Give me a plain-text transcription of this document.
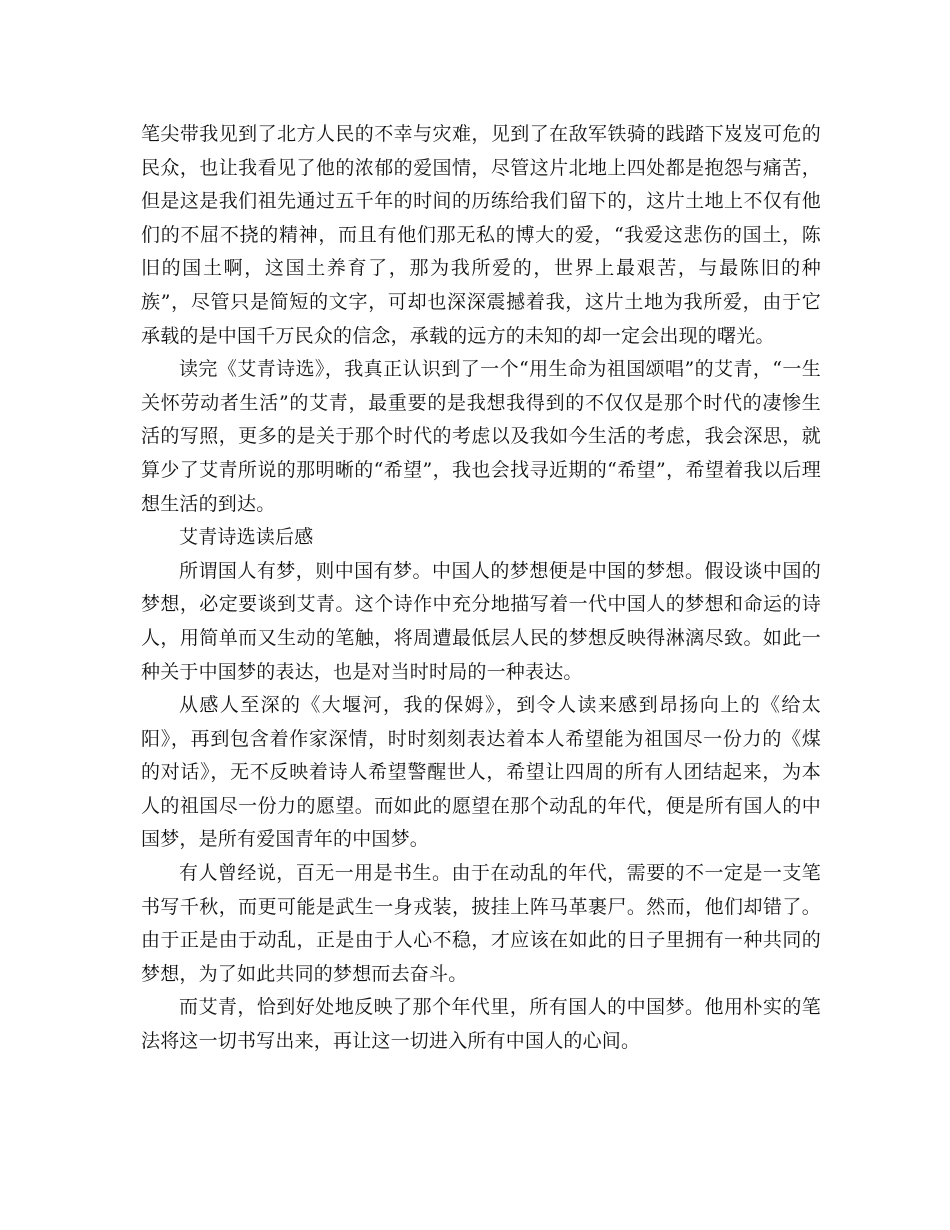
笔尖带我见到了北方人民的不幸与灾难，见到了在敌军铁骑的践踏下岌岌可危的民众，也让我看见了他的浓郁的爱国情，尽管这片北地上四处都是抱怨与痛苦，但是这是我们祖先通过五千年的时间的历练给我们留下的，这片土地上不仅有他们的不屈不挠的精神，而且有他们那无私的博大的爱，“我爱这悲伤的国土，陈旧的国土啊，这国土养育了，那为我所爱的，世界上最艰苦，与最陈旧的种族”，尽管只是简短的文字，可却也深深震撼着我，这片土地为我所爱，由于它承载的是中国千万民众的信念，承载的远方的未知的却一定会出现的曙光。

读完《艾青诗选》，我真正认识到了一个“用生命为祖国颂唱”的艾青，“一生关怀劳动者生活”的艾青，最重要的是我想我得到的不仅仅是那个时代的凄惨生活的写照，更多的是关于那个时代的考虑以及我如今生活的考虑，我会深思，就算少了艾青所说的那明晰的“希望”，我也会找寻近期的“希望”，希望着我以后理想生活的到达。

艾青诗选读后感

所谓国人有梦，则中国有梦。中国人的梦想便是中国的梦想。假设谈中国的梦想，必定要谈到艾青。这个诗作中充分地描写着一代中国人的梦想和命运的诗人，用简单而又生动的笔触，将周遭最低层人民的梦想反映得淋漓尽致。如此一种关于中国梦的表达，也是对当时时局的一种表达。

从感人至深的《大堰河，我的保姆》，到令人读来感到昂扬向上的《给太阳》，再到包含着作家深情，时时刻刻表达着本人希望能为祖国尽一份力的《煤的对话》，无不反映着诗人希望警醒世人，希望让四周的所有人团结起来，为本人的祖国尽一份力的愿望。而如此的愿望在那个动乱的年代，便是所有国人的中国梦，是所有爱国青年的中国梦。

有人曾经说，百无一用是书生。由于在动乱的年代，需要的不一定是一支笔书写千秋，而更可能是武生一身戎装，披挂上阵马革裹尸。然而，他们却错了。由于正是由于动乱，正是由于人心不稳，才应该在如此的日子里拥有一种共同的梦想，为了如此共同的梦想而去奋斗。

而艾青，恰到好处地反映了那个年代里，所有国人的中国梦。他用朴实的笔法将这一切书写出来，再让这一切进入所有中国人的心间。
